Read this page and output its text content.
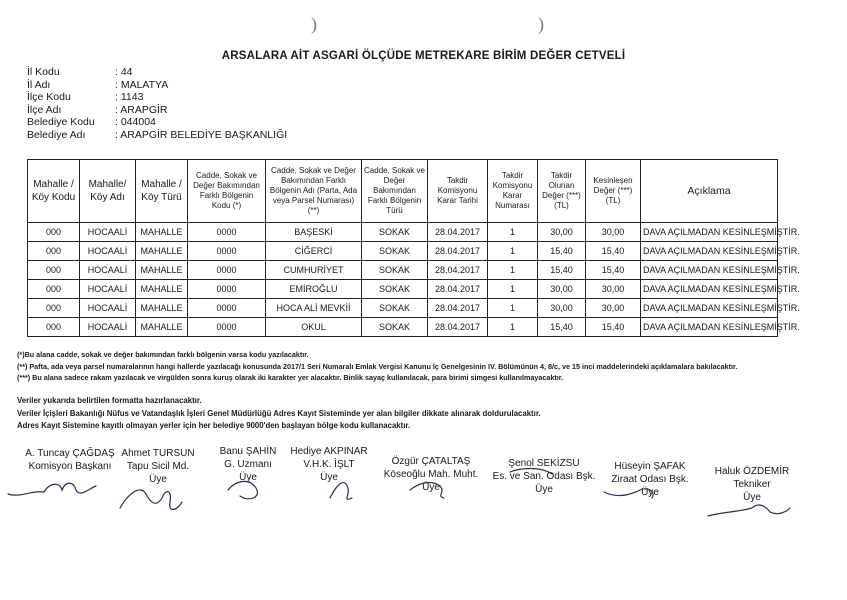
)	)
ARSALARA AİT ASGARİ ÖLÇÜDE METREKARE BİRİM DEĞER CETVELİ
İl Kodu	: 44
İl Adı	: MALATYA
İlçe Kodu	: 1143
İlçe Adı	: ARAPGİR
Belediye Kodu	: 044004
Belediye Adı	: ARAPGİR BELEDİYE BAŞKANLIĞI
Mahalle / Köy Kodu	Mahalle/ Köy Adı	Mahalle / Köy Türü	Cadde, Sokak ve Değer Bakımından Farklı Bölgenin Kodu (*)	Cadde, Sokak ve Değer Bakımından Farklı Bölgenin Adı (Parta, Ada veya Parsel Numarası)(**)	Cadde, Sokak ve Değer Bakımından Farklı Bölgenin Türü	Takdir Komisyonu Karar Tarihi	Takdir Komisyonu Karar Numarası	Takdir Olunan Değer (***) (TL)	Kesinleşen Değer (***) (TL)	Açıklama
000	HOCAALİ	MAHALLE	0000	BAŞESKİ	SOKAK	28.04.2017	1	30,00	30,00	DAVA AÇILMADAN KESİNLEŞMİŞTİR.
000	HOCAALİ	MAHALLE	0000	CİĞERCİ	SOKAK	28.04.2017	1	15,40	15,40	DAVA AÇILMADAN KESİNLEŞMİŞTİR.
000	HOCAALİ	MAHALLE	0000	CUMHURİYET	SOKAK	28.04.2017	1	15,40	15,40	DAVA AÇILMADAN KESİNLEŞMİŞTİR.
000	HOCAALİ	MAHALLE	0000	EMİROĞLU	SOKAK	28.04.2017	1	30,00	30,00	DAVA AÇILMADAN KESİNLEŞMİŞTİR.
000	HOCAALİ	MAHALLE	0000	HOCA ALİ MEVKİİ	SOKAK	28.04.2017	1	30,00	30,00	DAVA AÇILMADAN KESİNLEŞMİŞTİR.
000	HOCAALİ	MAHALLE	0000	OKUL	SOKAK	28.04.2017	1	15,40	15,40	DAVA AÇILMADAN KESİNLEŞMİŞTİR.
(*)Bu alana cadde, sokak ve değer bakımından farklı bölgenin varsa kodu yazılacaktır.
(**) Pafta, ada veya parsel numaralarının hangi hallerde yazılacağı konusunda 2017/1 Seri Numaralı Emlak Vergisi Kanunu İç Genelgesinin IV. Bölümünün 4, 8/c, ve 15 inci maddelerindeki açıklamalara bakılacaktır.
(***) Bu alana sadece rakam yazılacak ve virgülden sonra kuruş olarak iki karakter yer alacaktır. Binlik sayaç kullanılacak, para birimi simgesi kullanılmayacaktır.
Veriler yukarıda belirtilen formatta hazırlanacaktır.
Veriler İçişleri Bakanlığı Nüfus ve Vatandaşlık İşleri Genel Müdürlüğü Adres Kayıt Sisteminde yer alan bilgiler dikkate alınarak doldurulacaktır.
Adres Kayıt Sistemine kayıtlı olmayan yerler için her belediye 9000'den başlayan bölge kodu kullanacaktır.
A. Tuncay ÇAĞDAŞ
Komisyon Başkanı
Ahmet TURSUN
Tapu Sicil Md.
Üye
Banu ŞAHİN
G. Uzmanı
Üye
Hediye AKPINAR
V.H.K. İŞLT
Üye
Özgür ÇATALTAŞ
Köseoğlu Mah. Muht.
Üye
Şenol SEKİZSU
Es. ve San. Odası Bşk.
Üye
Hüseyin ŞAFAK
Ziraat Odası Bşk.
Üye
Haluk ÖZDEMİR
Tekniker
Üye
